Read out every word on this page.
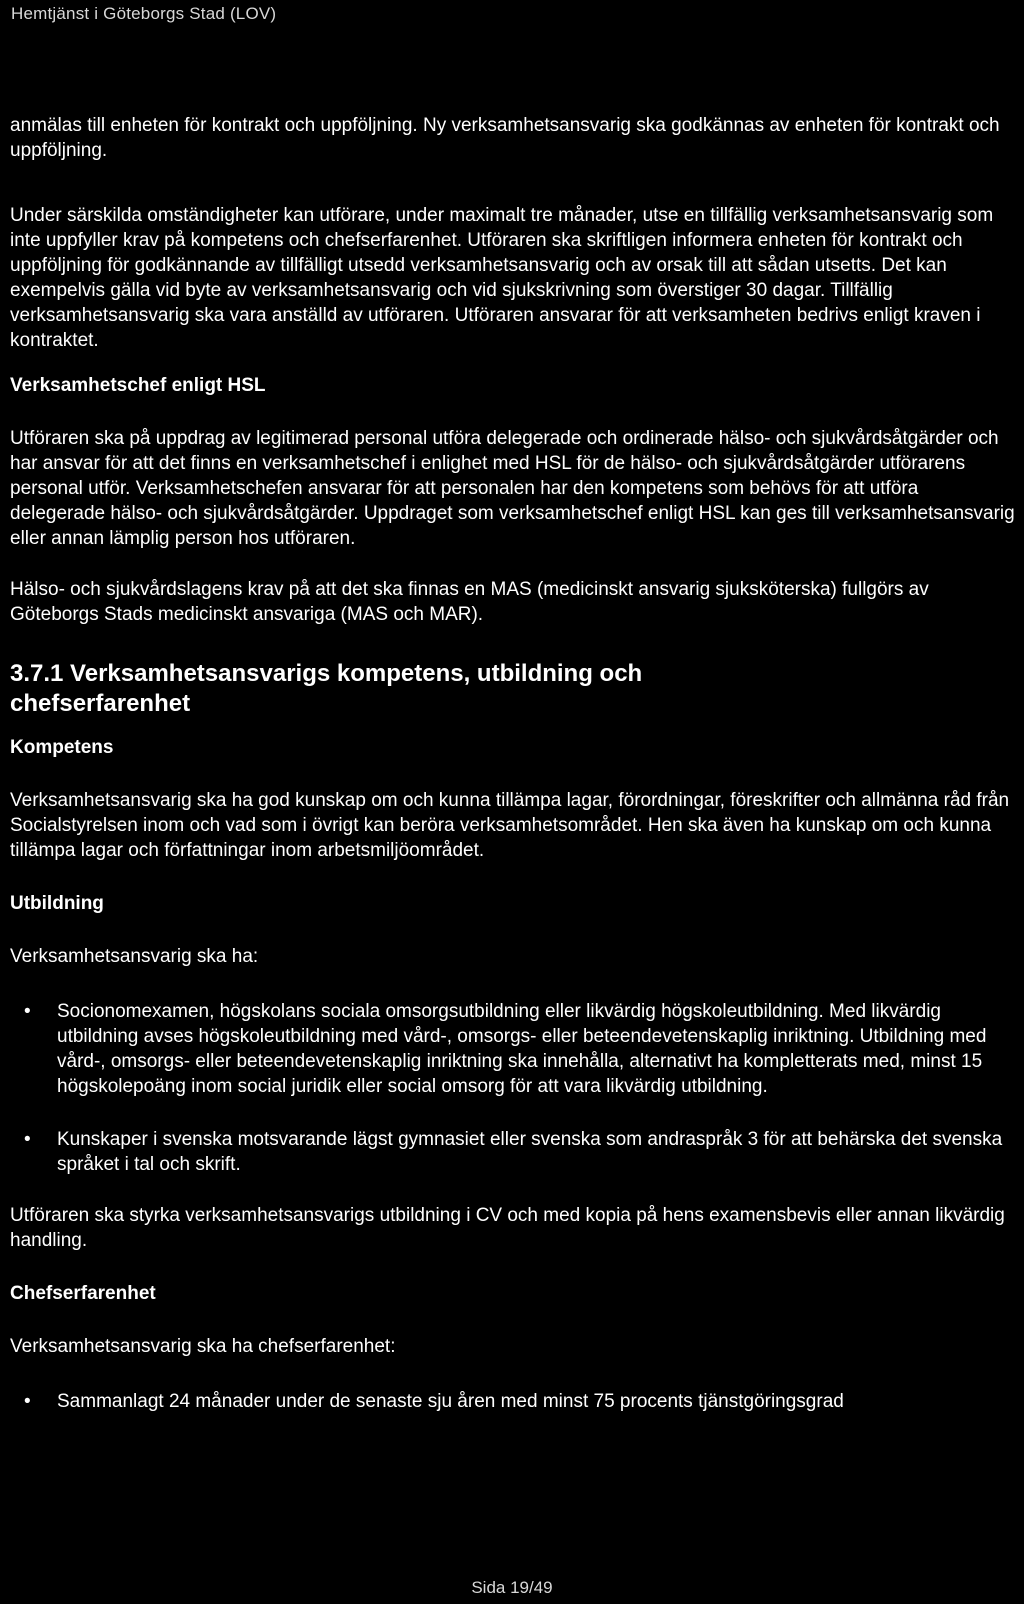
Hemtjänst i Göteborgs Stad (LOV)

anmälas till enheten för kontrakt och uppföljning. Ny verksamhetsansvarig ska godkännas av enheten för kontrakt och uppföljning.

Under särskilda omständigheter kan utförare, under maximalt tre månader, utse en tillfällig verksamhetsansvarig som inte uppfyller krav på kompetens och chefserfarenhet. Utföraren ska skriftligen informera enheten för kontrakt och uppföljning för godkännande av tillfälligt utsedd verksamhetsansvarig och av orsak till att sådan utsetts. Det kan exempelvis gälla vid byte av verksamhetsansvarig och vid sjukskrivning som överstiger 30 dagar. Tillfällig verksamhetsansvarig ska vara anställd av utföraren. Utföraren ansvarar för att verksamheten bedrivs enligt kraven i kontraktet.

Verksamhetschef enligt HSL

Utföraren ska på uppdrag av legitimerad personal utföra delegerade och ordinerade hälso- och sjukvårdsåtgärder och har ansvar för att det finns en verksamhetschef i enlighet med HSL för de hälso- och sjukvårdsåtgärder utförarens personal utför. Verksamhetschefen ansvarar för att personalen har den kompetens som behövs för att utföra delegerade hälso- och sjukvårdsåtgärder. Uppdraget som verksamhetschef enligt HSL kan ges till verksamhetsansvarig eller annan lämplig person hos utföraren.

Hälso- och sjukvårdslagens krav på att det ska finnas en MAS (medicinskt ansvarig sjuksköterska) fullgörs av Göteborgs Stads medicinskt ansvariga (MAS och MAR).

3.7.1 Verksamhetsansvarigs kompetens, utbildning och chefserfarenhet
Kompetens

Verksamhetsansvarig ska ha god kunskap om och kunna tillämpa lagar, förordningar, föreskrifter och allmänna råd från Socialstyrelsen inom och vad som i övrigt kan beröra verksamhetsområdet. Hen ska även ha kunskap om och kunna tillämpa lagar och författningar inom arbetsmiljöområdet.

Utbildning

Verksamhetsansvarig ska ha:

• Socionomexamen, högskolans sociala omsorgsutbildning eller likvärdig högskoleutbildning. Med likvärdig utbildning avses högskoleutbildning med vård-, omsorgs- eller beteendevetenskaplig inriktning. Utbildning med vård-, omsorgs- eller beteendevetenskaplig inriktning ska innehålla, alternativt ha kompletterats med, minst 15 högskolepoäng inom social juridik eller social omsorg för att vara likvärdig utbildning.
• Kunskaper i svenska motsvarande lägst gymnasiet eller svenska som andraspråk 3 för att behärska det svenska språket i tal och skrift.

Utföraren ska styrka verksamhetsansvarigs utbildning i CV och med kopia på hens examensbevis eller annan likvärdig handling.

Chefserfarenhet

Verksamhetsansvarig ska ha chefserfarenhet:

• Sammanlagt 24 månader under de senaste sju åren med minst 75 procents tjänstgöringsgrad
Sida 19/49
